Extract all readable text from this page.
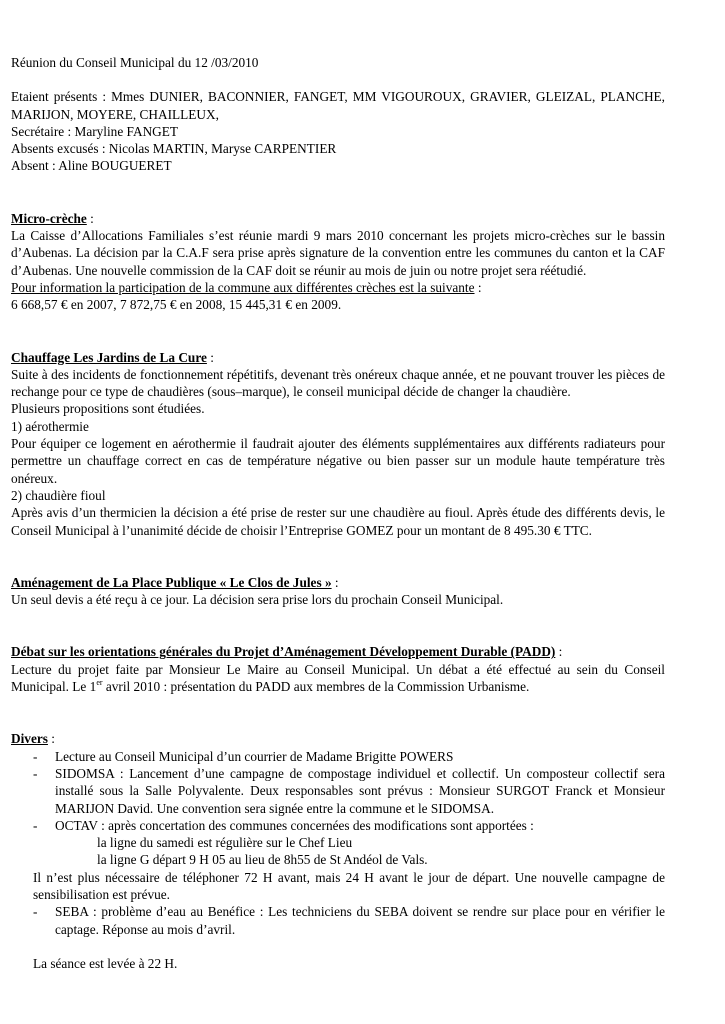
Réunion du Conseil Municipal du 12 /03/2010

Etaient présents : Mmes DUNIER, BACONNIER, FANGET, MM VIGOUROUX, GRAVIER, GLEIZAL, PLANCHE, MARIJON, MOYERE, CHAILLEUX,

Secrétaire : Maryline FANGET

Absents excusés : Nicolas MARTIN, Maryse CARPENTIER

Absent : Aline BOUGUERET

Micro-crèche :

La Caisse d’Allocations Familiales s’est réunie mardi 9 mars 2010 concernant les projets micro-crèches sur le bassin d’Aubenas. La décision par la C.A.F sera prise après signature de la convention entre les communes du canton et la CAF d’Aubenas. Une nouvelle commission de la CAF doit se réunir au mois de juin ou notre projet sera réétudié.

Pour information la participation de la commune aux différentes crèches est la suivante :

6 668,57 € en 2007, 7 872,75 € en 2008, 15 445,31 € en 2009.

Chauffage Les Jardins de La Cure :

Suite à des incidents de fonctionnement répétitifs, devenant très onéreux chaque année, et ne pouvant trouver les pièces de rechange pour ce type de chaudières (sous–marque), le conseil municipal décide de changer la chaudière.

Plusieurs propositions sont étudiées.

1) aérothermie

Pour équiper ce logement en aérothermie il faudrait ajouter des éléments supplémentaires aux différents radiateurs pour permettre un chauffage correct en cas de température négative ou bien passer sur un module haute température très onéreux.

2) chaudière fioul

Après avis d’un thermicien la décision a été prise de rester sur une chaudière au fioul. Après étude des différents devis, le Conseil Municipal à l’unanimité décide de choisir l’Entreprise GOMEZ pour un montant de 8 495.30 € TTC.

Aménagement de La Place Publique « Le Clos de Jules » :

Un seul devis a été reçu à ce jour. La décision sera prise lors du prochain Conseil Municipal.

Débat sur les orientations générales du Projet d’Aménagement Développement Durable (PADD) :

Lecture du projet faite par Monsieur Le Maire au Conseil Municipal. Un débat a été effectué au sein du Conseil Municipal. Le 1er avril 2010 : présentation du PADD aux membres de la Commission Urbanisme.

Divers :

- Lecture au Conseil Municipal d’un courrier de Madame Brigitte POWERS
- SIDOMSA : Lancement d’une campagne de compostage individuel et collectif. Un composteur collectif sera installé sous la Salle Polyvalente. Deux responsables sont prévus : Monsieur SURGOT Franck et Monsieur MARIJON David. Une convention sera signée entre la commune et le SIDOMSA.
- OCTAV : après concertation des communes concernées des modifications sont apportées :

la ligne du samedi est régulière sur le Chef Lieu

la ligne G départ 9 H 05 au lieu de 8h55 de St Andéol de Vals.

Il n’est plus nécessaire de téléphoner 72 H avant, mais 24 H avant le jour de départ. Une nouvelle campagne de sensibilisation est prévue.

- SEBA : problème d’eau au Benéfice : Les techniciens du SEBA doivent se rendre sur place pour en vérifier le captage. Réponse au mois d’avril.

La séance est levée à 22 H.
